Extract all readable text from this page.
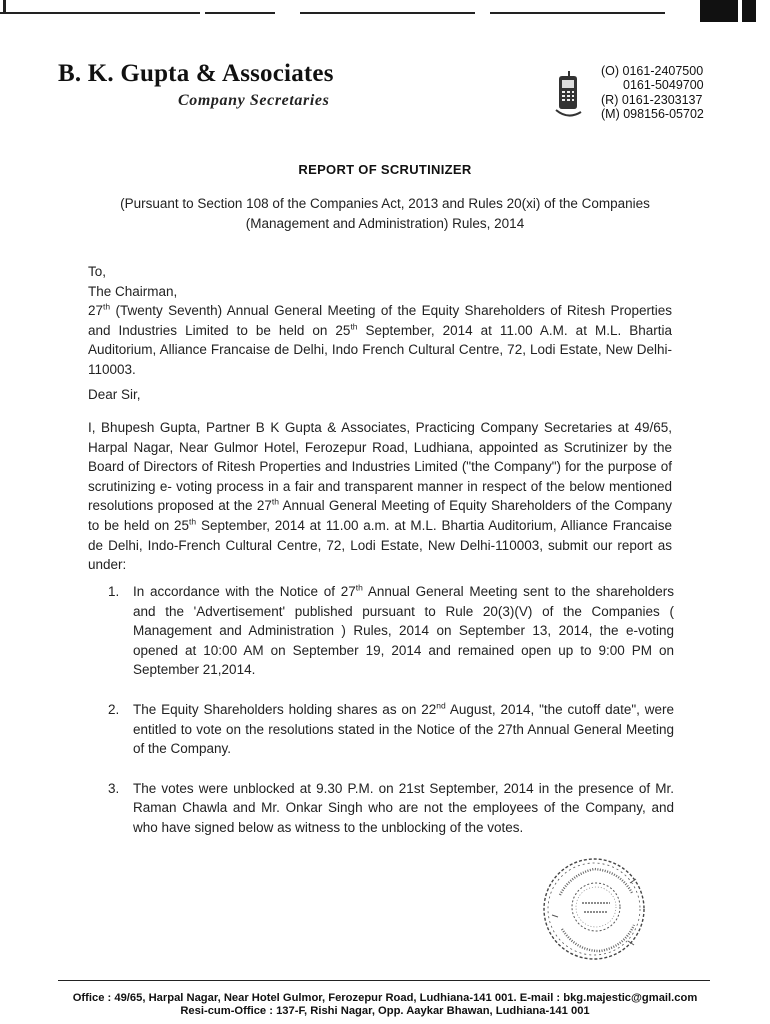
B. K. Gupta & Associates
Company Secretaries
(O) 0161-2407500
0161-5049700
(R) 0161-2303137
(M) 098156-05702
REPORT OF SCRUTINIZER
(Pursuant to Section 108 of the Companies Act, 2013 and Rules 20(xi) of the Companies (Management and Administration) Rules, 2014
To,
The Chairman,
27th (Twenty Seventh) Annual General Meeting of the Equity Shareholders of Ritesh Properties and Industries Limited to be held on 25th September, 2014 at 11.00 A.M. at M.L. Bhartia Auditorium, Alliance Francaise de Delhi, Indo French Cultural Centre, 72, Lodi Estate, New Delhi-110003.
Dear Sir,
I, Bhupesh Gupta, Partner B K Gupta & Associates, Practicing Company Secretaries at 49/65, Harpal Nagar, Near Gulmor Hotel, Ferozepur Road, Ludhiana, appointed as Scrutinizer by the Board of Directors of Ritesh Properties and Industries Limited ("the Company") for the purpose of scrutinizing e- voting process in a fair and transparent manner in respect of the below mentioned resolutions proposed at the 27th Annual General Meeting of Equity Shareholders of the Company to be held on 25th September, 2014 at 11.00 a.m. at M.L. Bhartia Auditorium, Alliance Francaise de Delhi, Indo-French Cultural Centre, 72, Lodi Estate, New Delhi-110003, submit our report as under:
1. In accordance with the Notice of 27th Annual General Meeting sent to the shareholders and the 'Advertisement' published pursuant to Rule 20(3)(V) of the Companies ( Management and Administration ) Rules, 2014 on September 13, 2014, the e-voting opened at 10:00 AM on September 19, 2014 and remained open up to 9:00 PM on September 21,2014.
2. The Equity Shareholders holding shares as on 22nd August, 2014, "the cutoff date", were entitled to vote on the resolutions stated in the Notice of the 27th Annual General Meeting of the Company.
3. The votes were unblocked at 9.30 P.M. on 21st September, 2014 in the presence of Mr. Raman Chawla and Mr. Onkar Singh who are not the employees of the Company, and who have signed below as witness to the unblocking of the votes.
Office : 49/65, Harpal Nagar, Near Hotel Gulmor, Ferozepur Road, Ludhiana-141 001. E-mail : bkg.majestic@gmail.com
Resi-cum-Office : 137-F, Rishi Nagar, Opp. Aaykar Bhawan, Ludhiana-141 001
